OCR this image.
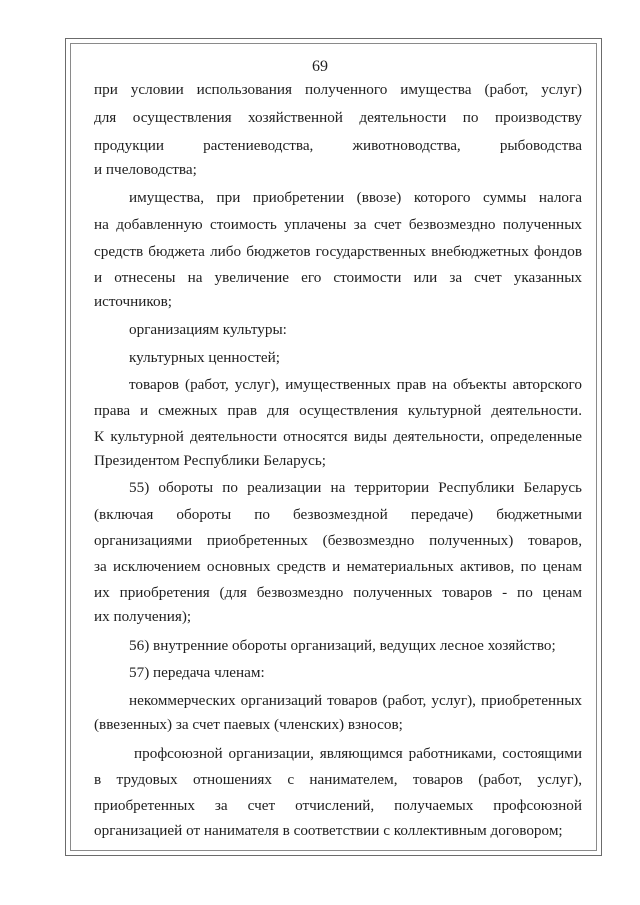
69
при условии использования полученного имущества (работ, услуг)
для осуществления хозяйственной деятельности по производству
продукции растениеводства, животноводства, рыбоводства
и пчеловодства;
имущества, при приобретении (ввозе) которого суммы налога
на добавленную стоимость уплачены за счет безвозмездно полученных
средств бюджета либо бюджетов государственных внебюджетных фондов
и отнесены на увеличение его стоимости или за счет указанных
источников;
организациям культуры:
культурных ценностей;
товаров (работ, услуг), имущественных прав на объекты авторского
права и смежных прав для осуществления культурной деятельности.
К культурной деятельности относятся виды деятельности, определенные
Президентом Республики Беларусь;
55) обороты по реализации на территории Республики Беларусь
(включая обороты по безвозмездной передаче) бюджетными
организациями приобретенных (безвозмездно полученных) товаров,
за исключением основных средств и нематериальных активов, по ценам
их приобретения (для безвозмездно полученных товаров - по ценам
их получения);
56) внутренние обороты организаций, ведущих лесное хозяйство;
57) передача членам:
некоммерческих организаций товаров (работ, услуг), приобретенных
(ввезенных) за счет паевых (членских) взносов;
профсоюзной организации, являющимся работниками, состоящими
в трудовых отношениях с нанимателем, товаров (работ, услуг),
приобретенных за счет отчислений, получаемых профсоюзной
организацией от нанимателя в соответствии с коллективным договором;
